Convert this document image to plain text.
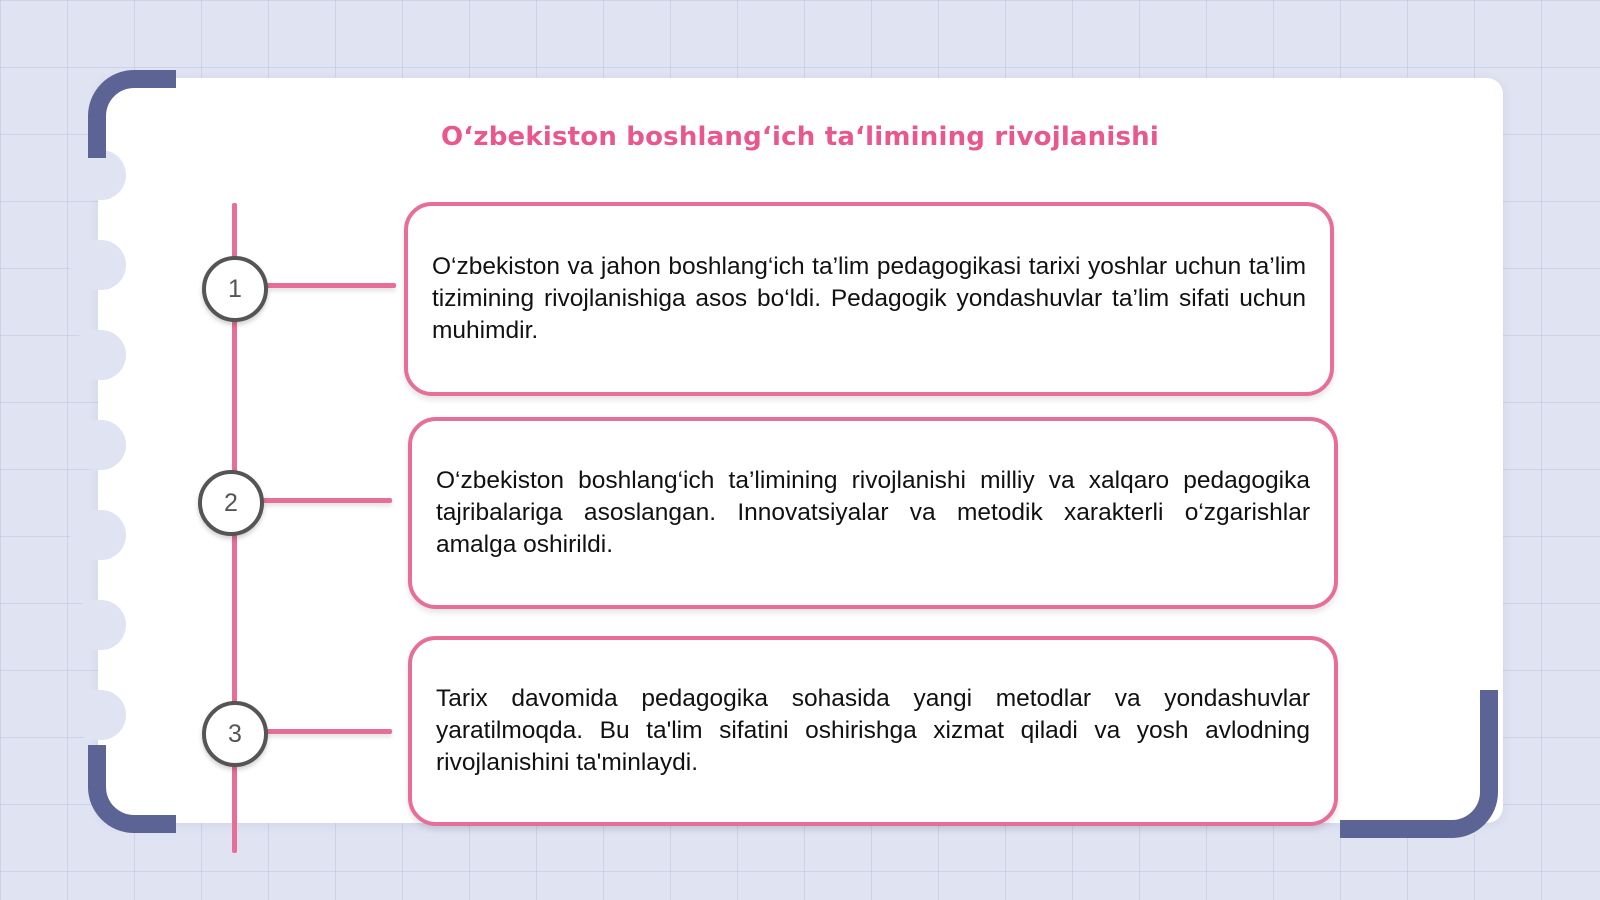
Oʻzbekiston boshlangʻich taʻlimining rivojlanishi
1

O‘zbekiston va jahon boshlang‘ich ta’lim pedagogikasi tarixi yoshlar uchun ta’lim tizimining rivojlanishiga asos bo‘ldi. Pedagogik yondashuvlar ta’lim sifati uchun muhimdir.

2

O‘zbekiston boshlang‘ich ta’limining rivojlanishi milliy va xalqaro pedagogika tajribalariga asoslangan. Innovatsiyalar va metodik xarakterli o‘zgarishlar amalga oshirildi.

3

Tarix davomida pedagogika sohasida yangi metodlar va yondashuvlar yaratilmoqda. Bu ta'lim sifatini oshirishga xizmat qiladi va yosh avlodning rivojlanishini ta'minlaydi.
